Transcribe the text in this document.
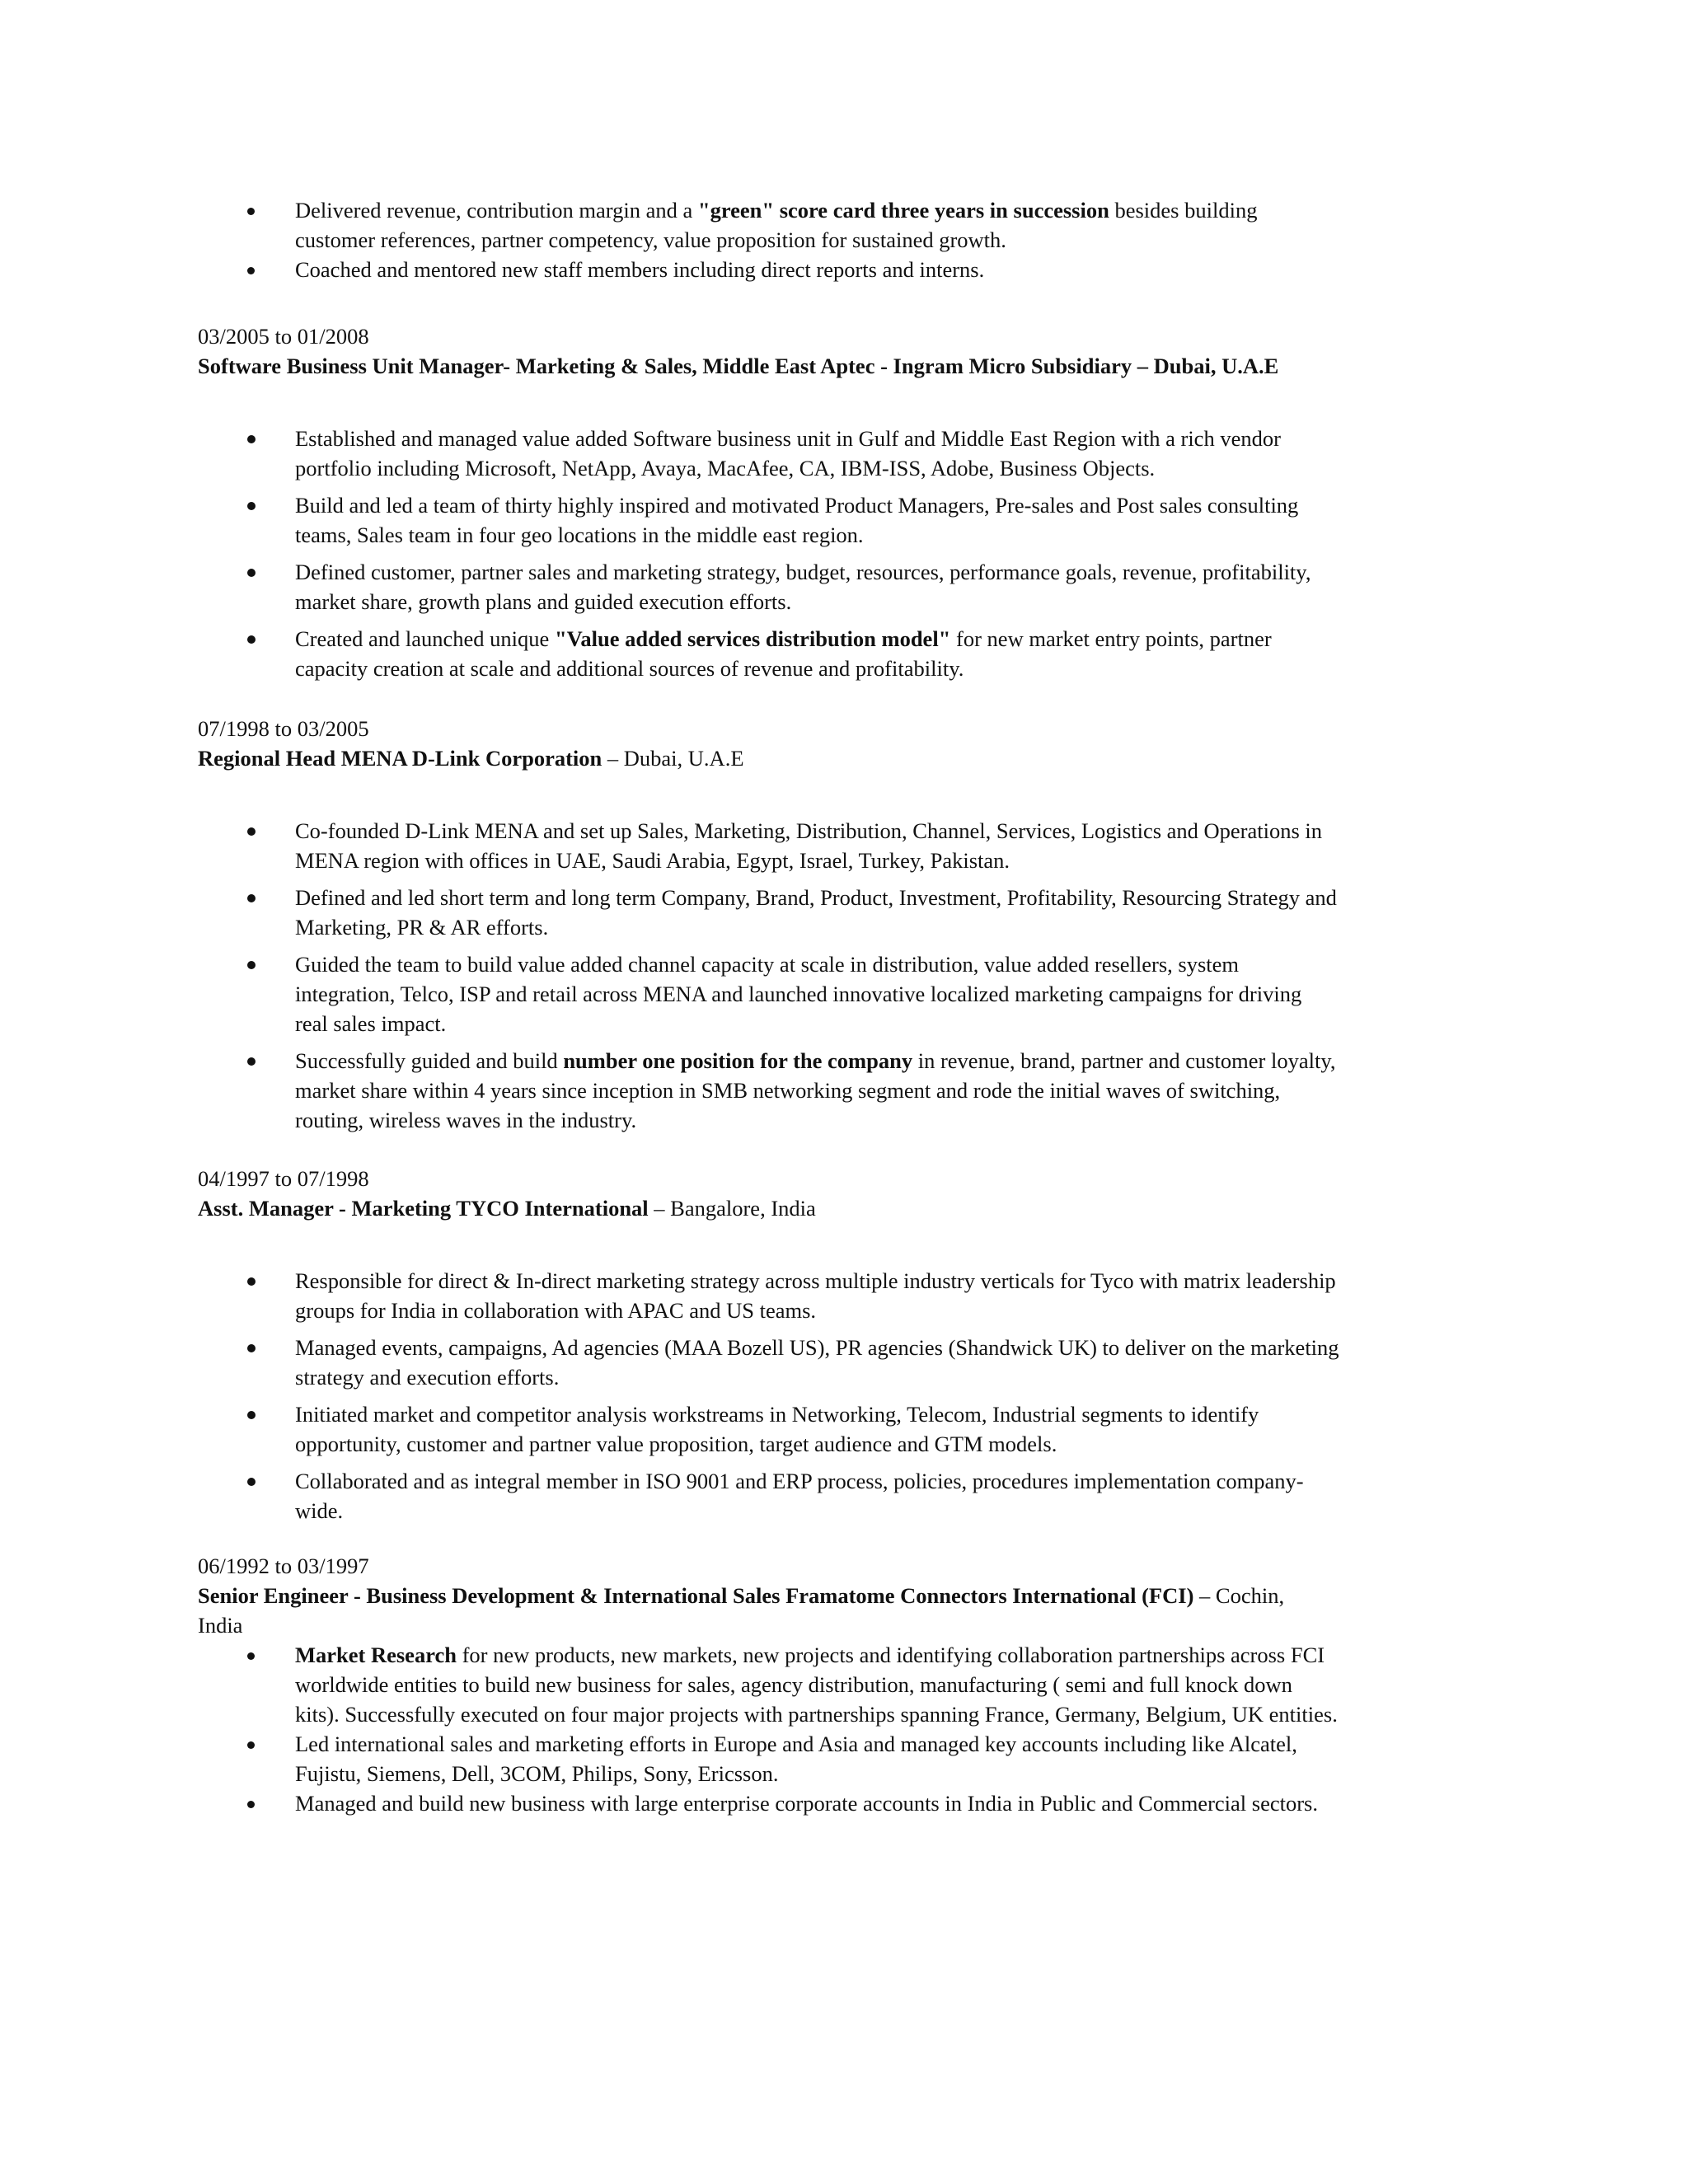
Delivered revenue, contribution margin and a "green" score card three years in succession besides building
customer references, partner competency, value proposition for sustained growth.
Coached and mentored new staff members including direct reports and interns.
03/2005 to 01/2008
Software Business Unit Manager- Marketing & Sales, Middle East Aptec - Ingram Micro Subsidiary – Dubai, U.A.E
Established and managed value added Software business unit in Gulf and Middle East Region with a rich vendor
portfolio including Microsoft, NetApp, Avaya, MacAfee, CA, IBM-ISS, Adobe, Business Objects.
Build and led a team of thirty highly inspired and motivated Product Managers, Pre-sales and Post sales consulting
teams, Sales team in four geo locations in the middle east region.
Defined customer, partner sales and marketing strategy, budget, resources, performance goals, revenue, profitability,
market share, growth plans and guided execution efforts.
Created and launched unique "Value added services distribution model" for new market entry points, partner
capacity creation at scale and additional sources of revenue and profitability.
07/1998 to 03/2005
Regional Head MENA D-Link Corporation – Dubai, U.A.E
Co-founded D-Link MENA and set up Sales, Marketing, Distribution, Channel, Services, Logistics and Operations in
MENA region with offices in UAE, Saudi Arabia, Egypt, Israel, Turkey, Pakistan.
Defined and led short term and long term Company, Brand, Product, Investment, Profitability, Resourcing Strategy and
Marketing, PR & AR efforts.
Guided the team to build value added channel capacity at scale in distribution, value added resellers, system
integration, Telco, ISP and retail across MENA and launched innovative localized marketing campaigns for driving
real sales impact.
Successfully guided and build number one position for the company in revenue, brand, partner and customer loyalty,
market share within 4 years since inception in SMB networking segment and rode the initial waves of switching,
routing, wireless waves in the industry.
04/1997 to 07/1998
Asst. Manager - Marketing TYCO International – Bangalore, India
Responsible for direct & In-direct marketing strategy across multiple industry verticals for Tyco with matrix leadership
groups for India in collaboration with APAC and US teams.
Managed events, campaigns, Ad agencies (MAA Bozell US), PR agencies (Shandwick UK) to deliver on the marketing
strategy and execution efforts.
Initiated market and competitor analysis workstreams in Networking, Telecom, Industrial segments to identify
opportunity, customer and partner value proposition, target audience and GTM models.
Collaborated and as integral member in ISO 9001 and ERP process, policies, procedures implementation company-
wide.
06/1992 to 03/1997
Senior Engineer - Business Development & International Sales Framatome Connectors International (FCI) – Cochin,
India
Market Research for new products, new markets, new projects and identifying collaboration partnerships across FCI
worldwide entities to build new business for sales, agency distribution, manufacturing ( semi and full knock down
kits). Successfully executed on four major projects with partnerships spanning France, Germany, Belgium, UK entities.
Led international sales and marketing efforts in Europe and Asia and managed key accounts including like Alcatel,
Fujistu, Siemens, Dell, 3COM, Philips, Sony, Ericsson.
Managed and build new business with large enterprise corporate accounts in India in Public and Commercial sectors.
